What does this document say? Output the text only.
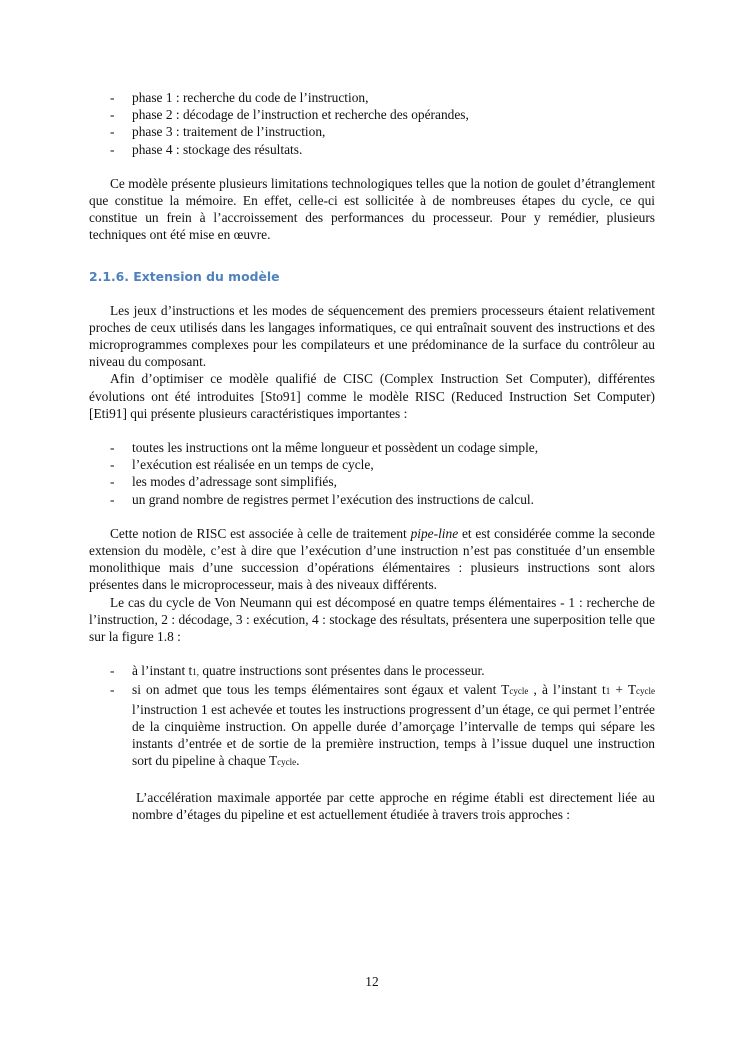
- phase 1 : recherche du code de l’instruction,
- phase 2 : décodage de l’instruction et recherche des opérandes,
- phase 3 : traitement de l’instruction,
- phase 4 : stockage des résultats.

Ce modèle présente plusieurs limitations technologiques telles que la notion de goulet d’étranglement que constitue la mémoire. En effet, celle-ci est sollicitée à de nombreuses étapes du cycle, ce qui constitue un frein à l’accroissement des performances du processeur. Pour y remédier, plusieurs techniques ont été mise en œuvre.

2.1.6. Extension du modèle

Les jeux d’instructions et les modes de séquencement des premiers processeurs étaient relativement proches de ceux utilisés dans les langages informatiques, ce qui entraînait souvent des instructions et des microprogrammes complexes pour les compilateurs et une prédominance de la surface du contrôleur au niveau du composant.

Afin d’optimiser ce modèle qualifié de CISC (Complex Instruction Set Computer), différentes évolutions ont été introduites [Sto91] comme le modèle RISC (Reduced Instruction Set Computer) [Eti91] qui présente plusieurs caractéristiques importantes :

- toutes les instructions ont la même longueur et possèdent un codage simple,
- l’exécution est réalisée en un temps de cycle,
- les modes d’adressage sont simplifiés,
- un grand nombre de registres permet l’exécution des instructions de calcul.

Cette notion de RISC est associée à celle de traitement pipe-line et est considérée comme la seconde extension du modèle, c’est à dire que l’exécution d’une instruction n’est pas constituée d’un ensemble monolithique mais d’une succession d’opérations élémentaires : plusieurs instructions sont alors présentes dans le microprocesseur, mais à des niveaux différents.

Le cas du cycle de Von Neumann qui est décomposé en quatre temps élémentaires - 1 : recherche de l’instruction, 2 : décodage, 3 : exécution, 4 : stockage des résultats, présentera une superposition telle que sur la figure 1.8 :

- à l’instant t1, quatre instructions sont présentes dans le processeur.
- si on admet que tous les temps élémentaires sont égaux et valent Tcycle , à l’instant t1 + Tcycle l’instruction 1 est achevée et toutes les instructions progressent d’un étage, ce qui permet l’entrée de la cinquième instruction. On appelle durée d’amorçage l’intervalle de temps qui sépare les instants d’entrée et de sortie de la première instruction, temps à l’issue duquel une instruction sort du pipeline à chaque Tcycle.

L’accélération maximale apportée par cette approche en régime établi est directement liée au nombre d’étages du pipeline et est actuellement étudiée à travers trois approches :

12
